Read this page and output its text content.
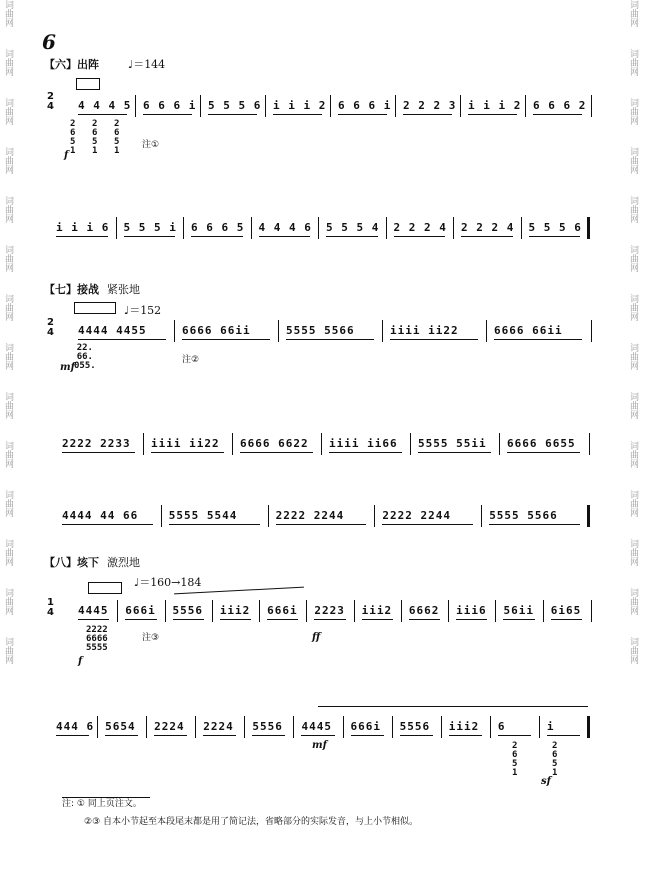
词曲网
词曲网
词曲网
词曲网
词曲网
词曲网
词曲网
词曲网
词曲网
词曲网
词曲网
词曲网
词曲网
词曲网
词曲网
词曲网
词曲网
词曲网
词曲网
词曲网
词曲网
词曲网
词曲网
词曲网
词曲网
词曲网
词曲网
词曲网
6
【六】出阵	♩＝144
2
4 4 4 4 5 6 6 6 i 5 5 5 6 i i i 2 6 6 6 i 2 2 2 3 i i i 2 6 6 6 2
2
6
5
1
2
6
5
1
2
6
5
1
f
注①
i i i 6 5 5 5 i 6 6 6 5 4 4 4 6 5 5 5 4 2 2 2 4 2 2 2 4 5 5 5 6
【七】接战 紧张地
♩＝152
2
4 4444 4455	6666 66ii	5555 5566	iiii ii22	6666 66ii
22.
66.
055.
mf
注②
2222 2233 iiii ii22 6666 6622 iiii ii66 5555 55ii 6666 6655
4444 44 66	5555 5544	2222 2244	2222 2244	5555 5566
【八】垓下 激烈地
♩＝160→184
1
4 4445 666i 5556 iii2 666i 2223 iii2 6662 iii6 56ii 6i65
2222
6666
5555
f
注③	ff
444 6 5654 2224 2224 5556 4445 666i 5556 iii2 6	i
mf	2
6
5
1
2
6
5
1
sf
注: ① 同上页注文。
②③ 自本小节起至本段尾末都是用了简记法，省略部分的实际发音，与上小节相似。
